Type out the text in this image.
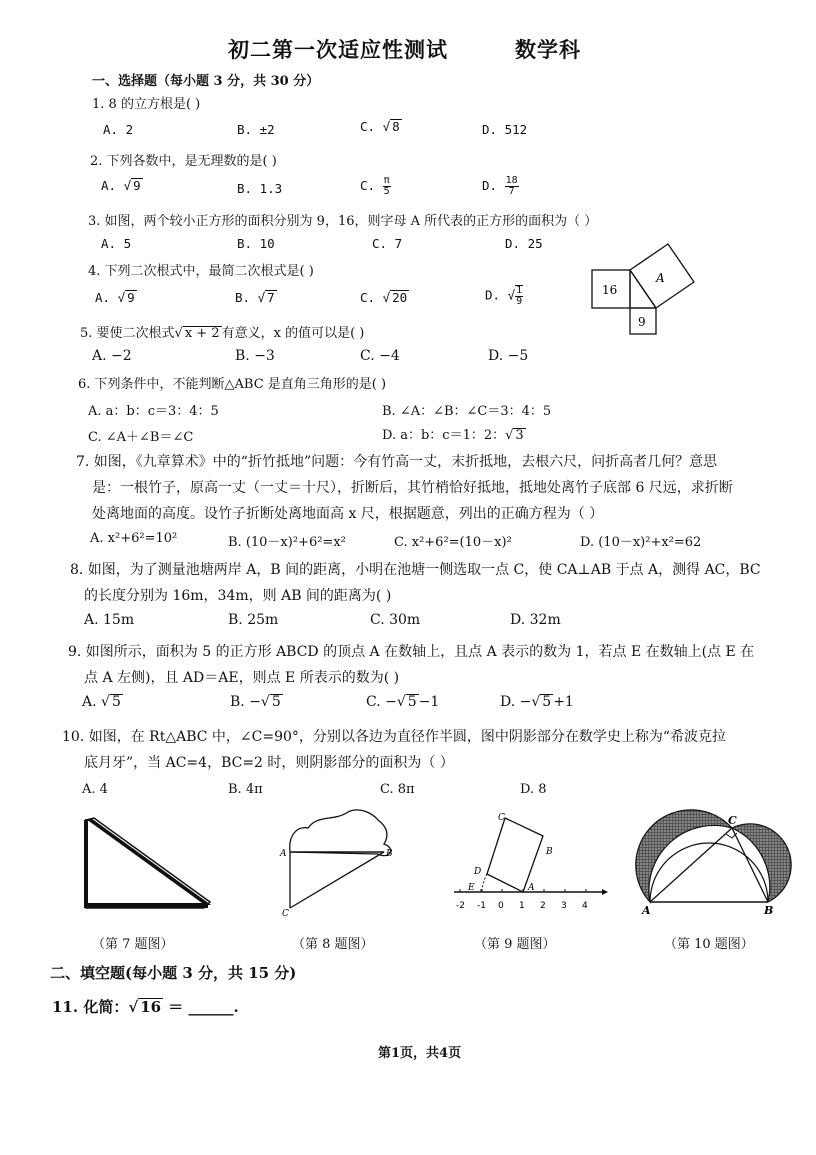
初二第一次适应性测试	数学科
一、选择题（每小题 3 分，共 30 分）
1. 8 的立方根是( )
A. 2	B. ±2	C. √ 8	D. 512
2. 下列各数中，是无理数的是( )
A. √ 9	B. 1.3	C. $\frac{\pi}{5}$	D. $\frac{18}{7}$
3. 如图，两个较小正方形的面积分别为 9，16，则字母 A 所代表的正方形的面积为（ ）
A. 5	B. 10	C. 7	D. 25
4. 下列二次根式中，最简二次根式是( )
A. √ 9	B. √ 7	C. √ 20	D. √ $\frac{1}{9}$	16
A
9
5. 要使二次根式√ x + 2 有意义，x 的值可以是( )
A. −2	B. −3	C. −4	D. −5
6. 下列条件中，不能判断△ABC 是直角三角形的是( )
A. a：b：c＝3：4：5	B. ∠A：∠B：∠C＝3：4：5
C. ∠A＋∠B＝∠C	D. a：b：c＝1：2：√ 3
7. 如图，《九章算术》中的“折竹抵地”问题：今有竹高一丈，末折抵地，去根六尺，问折高者几何？意思
是：一根竹子，原高一丈（一丈＝十尺），折断后，其竹梢恰好抵地，抵地处离竹子底部 6 尺远，求折断
处离地面的高度。设竹子折断处离地面高 x 尺，根据题意，列出的正确方程为（ ）
A. x²+6²=10²	B. (10－x)²+6²=x²	C. x²+6²=(10－x)²	D. (10－x)²+x²=62
8. 如图，为了测量池塘两岸 A，B 间的距离，小明在池塘一侧选取一点 C，使 CA⊥AB 于点 A，测得 AC，BC
的长度分别为 16m，34m，则 AB 间的距离为( )
A. 15m	B. 25m	C. 30m	D. 32m
9. 如图所示，面积为 5 的正方形 ABCD 的顶点 A 在数轴上，且点 A 表示的数为 1，若点 E 在数轴上(点 E 在
点 A 左侧)，且 AD＝AE，则点 E 所表示的数为( )
A. √ 5	B. −√ 5	C. −√ 5 −1	D. −√ 5 +1
10. 如图，在 Rt△ABC 中，∠C=90°，分别以各边为直径作半圆，图中阴影部分在数学史上称为“希波克拉
底月牙”，当 AC=4，BC=2 时，则阴影部分的面积为（ ）
A. 4	B. 4π	C. 8π	D. 8
A	B
C
-2 -1 0 1 2 3 4
C
B
D
E	A
A	B
C
（第 7 题图）	（第 8 题图）	（第 9 题图）	（第 10 题图）
二、填空题(每小题 3 分，共 15 分)
11. 化简：√ 16 ＝ ______.
第1页，共4页
